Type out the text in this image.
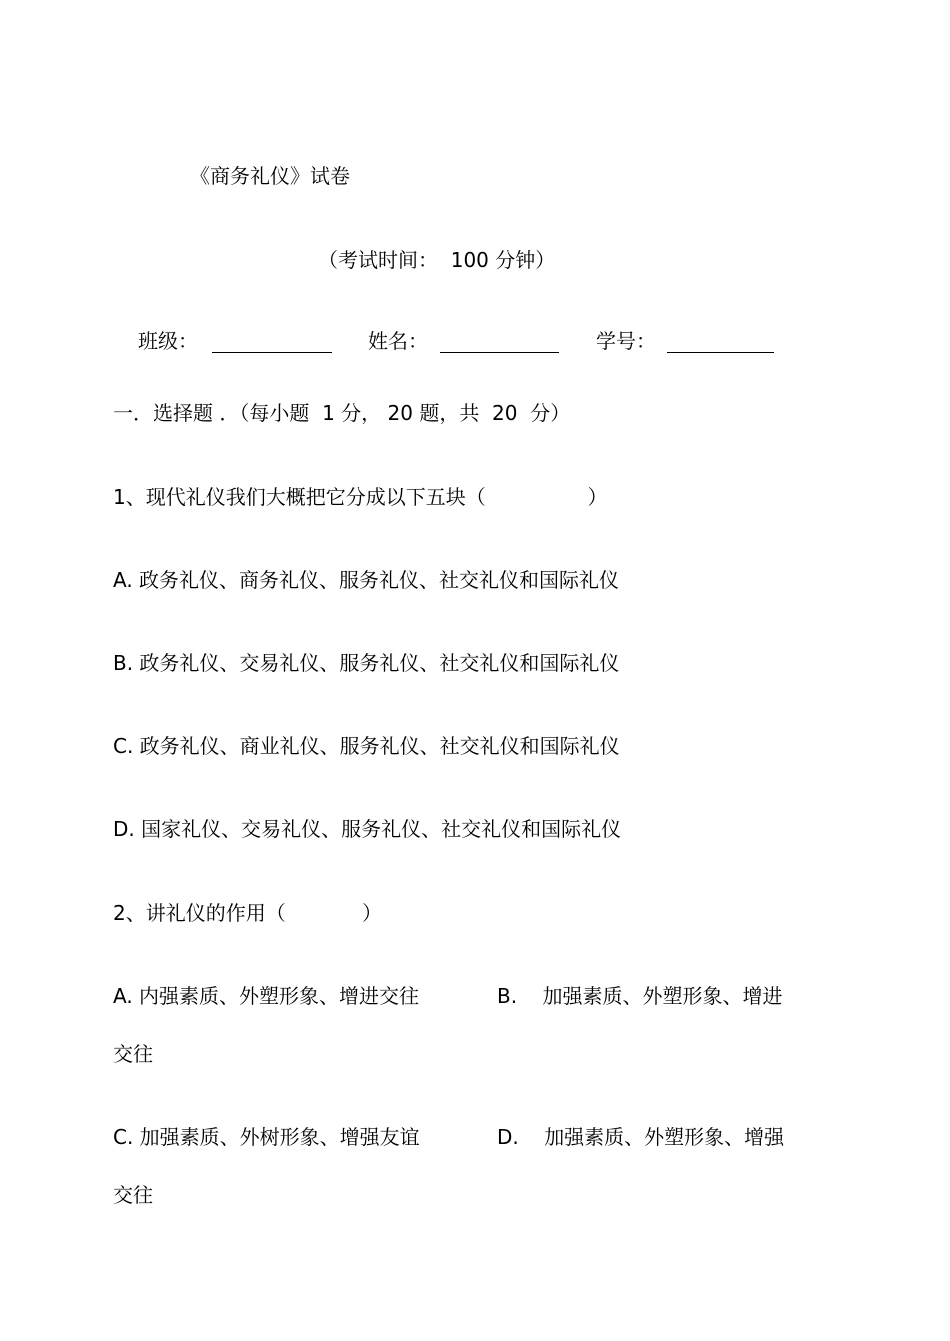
《商务礼仪》试卷
（考试时间：  100 分钟）
班级：	姓名：	学号：
一．选择题 ．（每小题  1 分， 20 题，共  20  分）
1、现代礼仪我们大概把它分成以下五块（                ）
A. 政务礼仪、商务礼仪、服务礼仪、社交礼仪和国际礼仪
B. 政务礼仪、交易礼仪、服务礼仪、社交礼仪和国际礼仪
C. 政务礼仪、商业礼仪、服务礼仪、社交礼仪和国际礼仪
D. 国家礼仪、交易礼仪、服务礼仪、社交礼仪和国际礼仪
2、讲礼仪的作用（            ）
A. 内强素质、外塑形象、增进交往	B.    加强素质、外塑形象、增进
交往
C. 加强素质、外树形象、增强友谊	D.    加强素质、外塑形象、增强
交往
